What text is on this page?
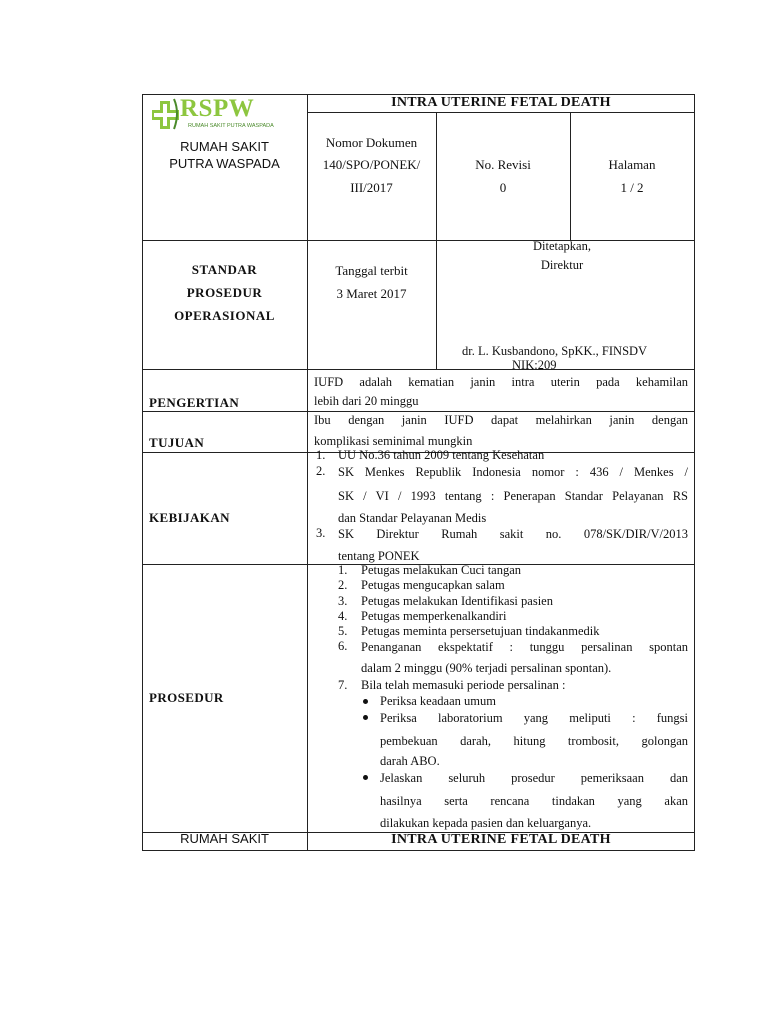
RSPW
RUMAH SAKIT PUTRA WASPADA
RUMAH SAKIT
PUTRA WASPADA
INTRA UTERINE FETAL DEATH
Nomor Dokumen
140/SPO/PONEK/
III/2017
No. Revisi
0
Halaman
1 / 2
STANDAR
PROSEDUR
OPERASIONAL
Tanggal terbit
3 Maret 2017
Ditetapkan,
Direktur
dr. L. Kusbandono, SpKK., FINSDV
NIK:209
PENGERTIAN
IUFD adalah kematian janin intra uterin pada kehamilan
lebih dari 20 minggu
TUJUAN
Ibu dengan janin IUFD dapat melahirkan janin dengan
komplikasi seminimal mungkin
KEBIJAKAN
1. UU No.36 tahun 2009 tentang Kesehatan
2. SK Menkes Republik Indonesia nomor : 436 / Menkes /
SK / VI / 1993 tentang : Penerapan Standar Pelayanan RS
dan Standar Pelayanan Medis
3. SK Direktur Rumah sakit no. 078/SK/DIR/V/2013
tentang PONEK
PROSEDUR
1. Petugas melakukan Cuci tangan
2. Petugas mengucapkan salam
3. Petugas melakukan Identifikasi pasien
4. Petugas memperkenalkandiri
5. Petugas meminta persersetujuan tindakanmedik
6. Penanganan ekspektatif : tunggu persalinan spontan
dalam 2 minggu (90% terjadi persalinan spontan).
7. Bila telah memasuki periode persalinan :
Periksa keadaan umum
Periksa laboratorium yang meliputi : fungsi
pembekuan darah, hitung trombosit, golongan
darah ABO.
Jelaskan seluruh prosedur pemeriksaan dan
hasilnya serta rencana tindakan yang akan
dilakukan kepada pasien dan keluarganya.
RUMAH SAKIT	INTRA UTERINE FETAL DEATH
